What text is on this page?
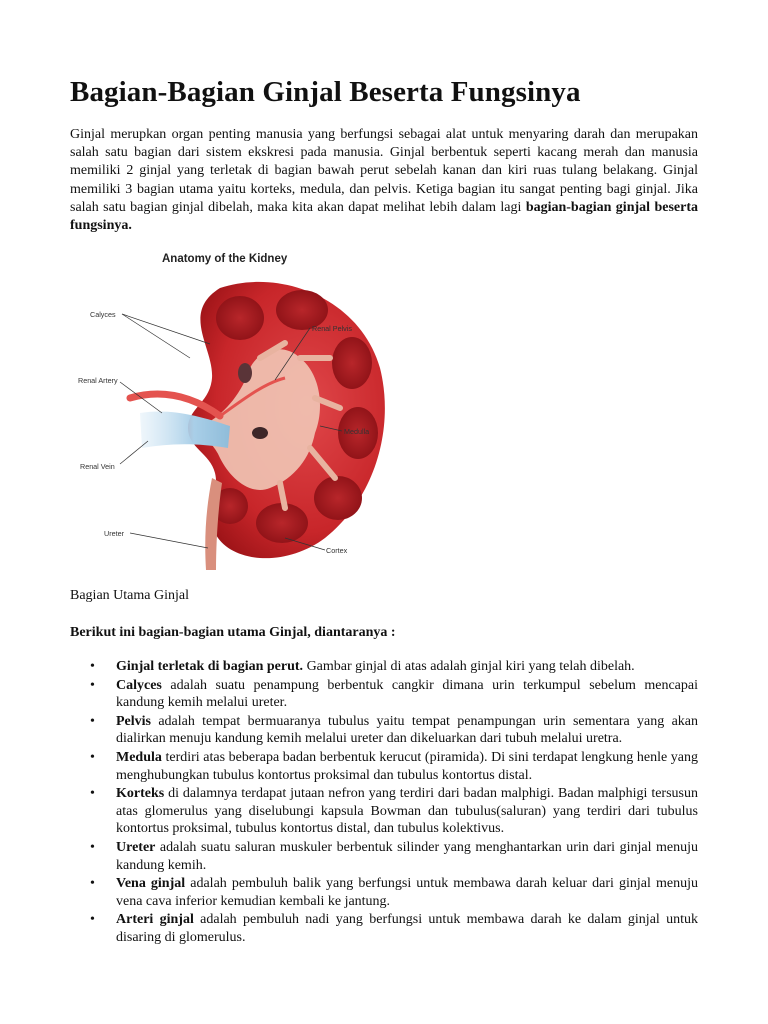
Bagian-Bagian Ginjal Beserta Fungsinya

Ginjal merupkan organ penting manusia yang berfungsi sebagai alat untuk menyaring darah dan merupakan salah satu bagian dari sistem ekskresi pada manusia. Ginjal berbentuk seperti kacang merah dan manusia memiliki 2 ginjal yang terletak di bagian bawah perut sebelah kanan dan kiri ruas tulang belakang. Ginjal memiliki 3 bagian utama yaitu korteks, medula, dan pelvis. Ketiga bagian itu sangat penting bagi ginjal. Jika salah satu bagian ginjal dibelah, maka kita akan dapat melihat lebih dalam lagi bagian-bagian ginjal beserta fungsinya.

Anatomy of the Kidney
Calyces
Renal Pelvis
Renal Artery
Medulla
Renal Vein
Ureter
Cortex

Bagian Utama Ginjal

Berikut ini bagian-bagian utama Ginjal, diantaranya :

• Ginjal terletak di bagian perut. Gambar ginjal di atas adalah ginjal kiri yang telah dibelah.
• Calyces adalah suatu penampung berbentuk cangkir dimana urin terkumpul sebelum mencapai kandung kemih melalui ureter.
• Pelvis adalah tempat bermuaranya tubulus yaitu tempat penampungan urin sementara yang akan dialirkan menuju kandung kemih melalui ureter dan dikeluarkan dari tubuh melalui uretra.
• Medula terdiri atas beberapa badan berbentuk kerucut (piramida). Di sini terdapat lengkung henle yang menghubungkan tubulus kontortus proksimal dan tubulus kontortus distal.
• Korteks di dalamnya terdapat jutaan nefron yang terdiri dari badan malphigi. Badan malphigi tersusun atas glomerulus yang diselubungi kapsula Bowman dan tubulus(saluran) yang terdiri dari tubulus kontortus proksimal, tubulus kontortus distal, dan tubulus kolektivus.
• Ureter adalah suatu saluran muskuler berbentuk silinder yang menghantarkan urin dari ginjal menuju kandung kemih.
• Vena ginjal adalah pembuluh balik yang berfungsi untuk membawa darah keluar dari ginjal menuju vena cava inferior kemudian kembali ke jantung.
• Arteri ginjal adalah pembuluh nadi yang berfungsi untuk membawa darah ke dalam ginjal untuk disaring di glomerulus.
